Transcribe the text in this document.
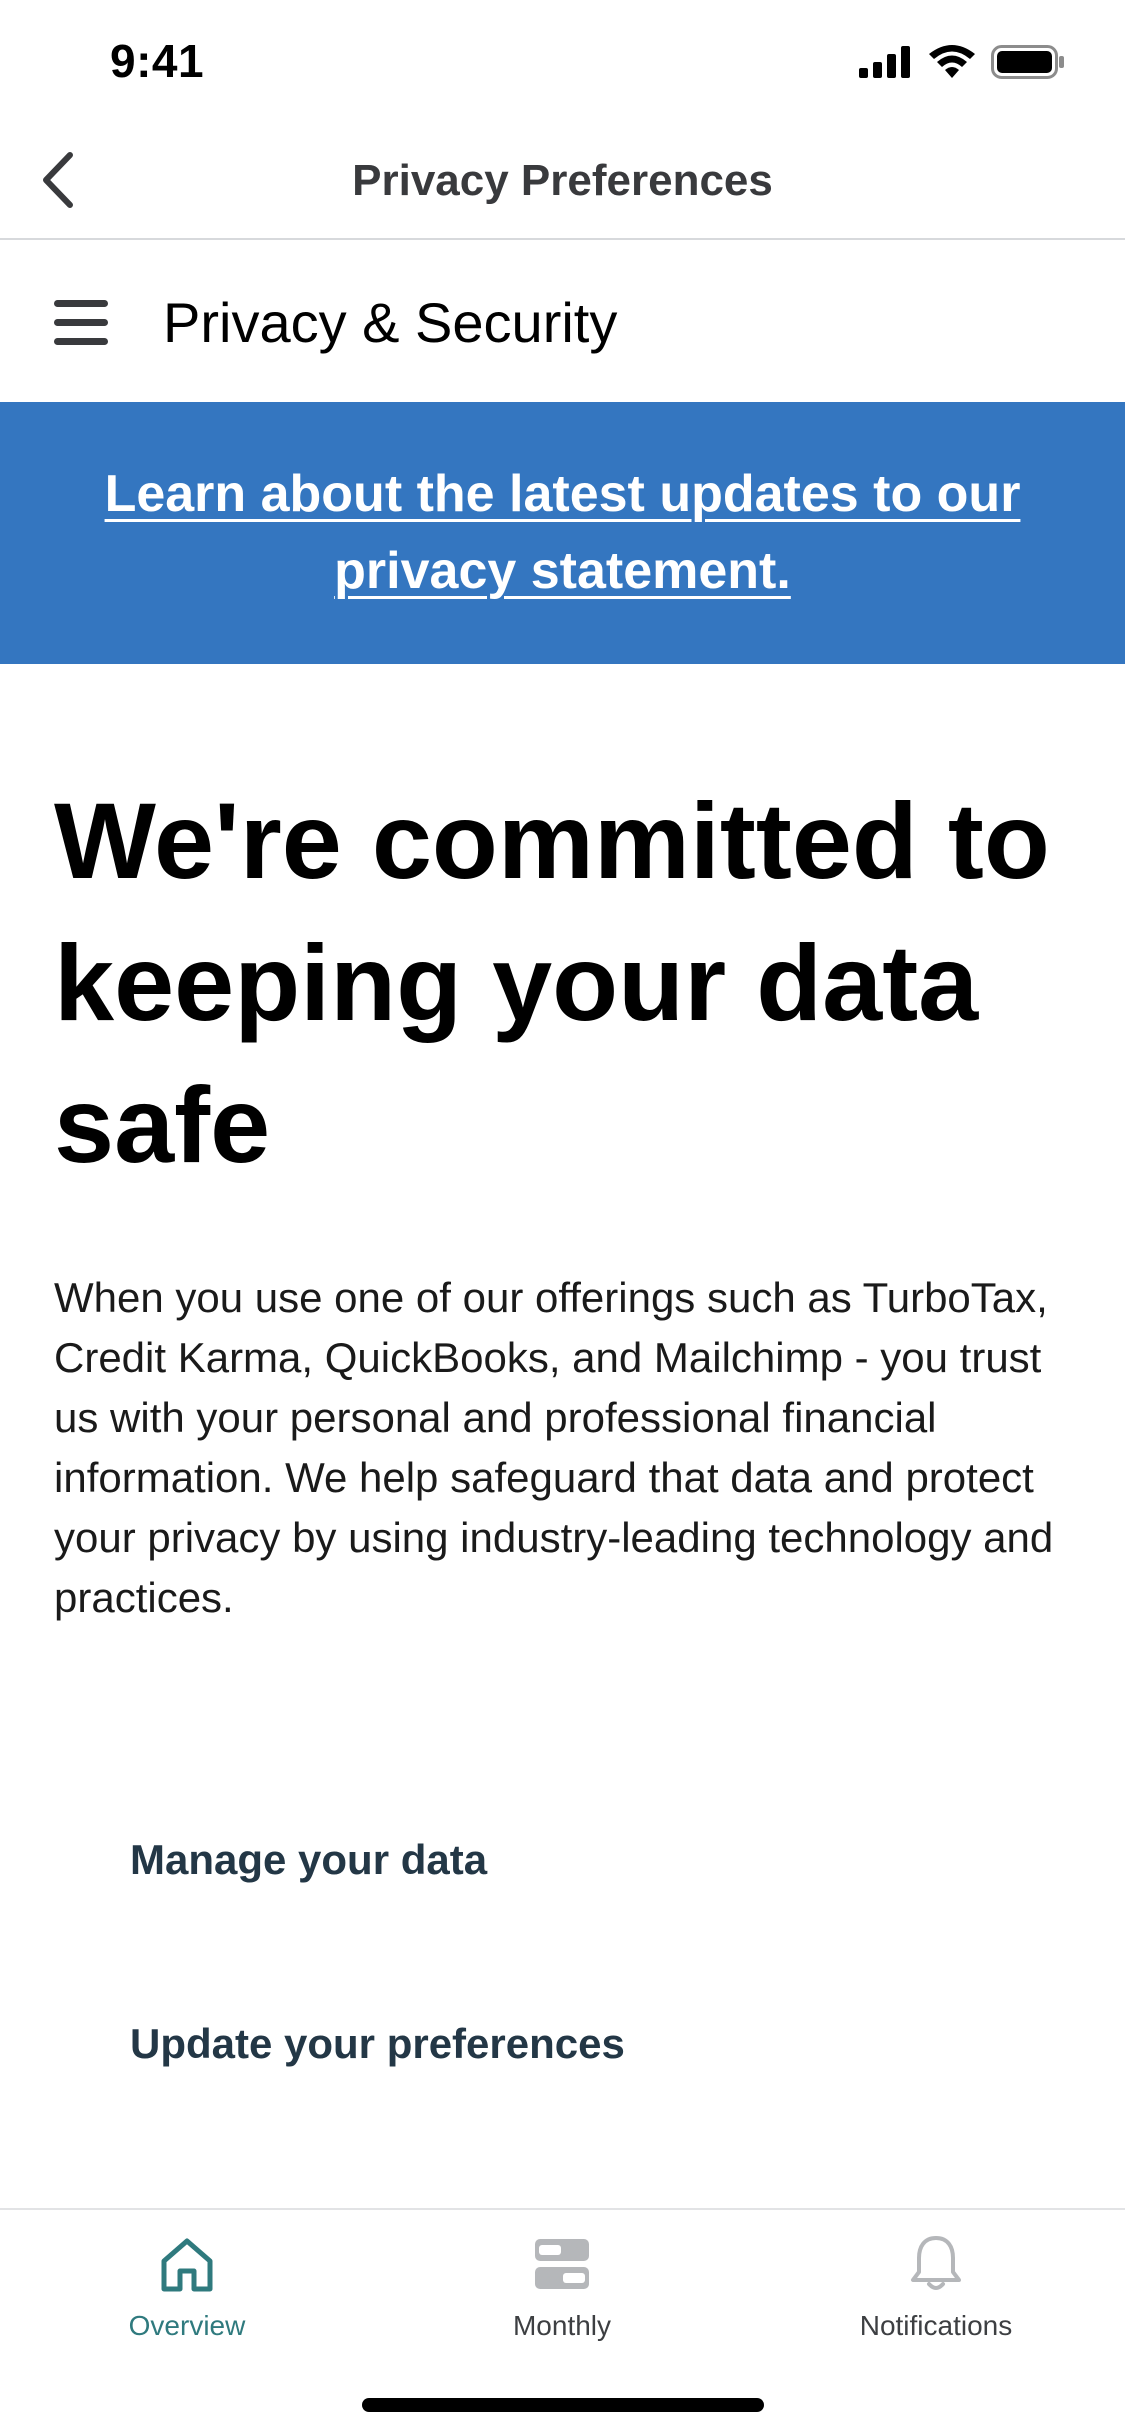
9:41
Privacy Preferences
Privacy & Security
Learn about the latest updates to our privacy statement.
We're committed to keeping your data safe

When you use one of our offerings such as TurboTax, Credit Karma, QuickBooks, and Mailchimp - you trust us with your personal and professional financial information. We help safeguard that data and protect your privacy by using industry-leading technology and practices.

Manage your data
Update your preferences
Overview	Monthly	Notifications
